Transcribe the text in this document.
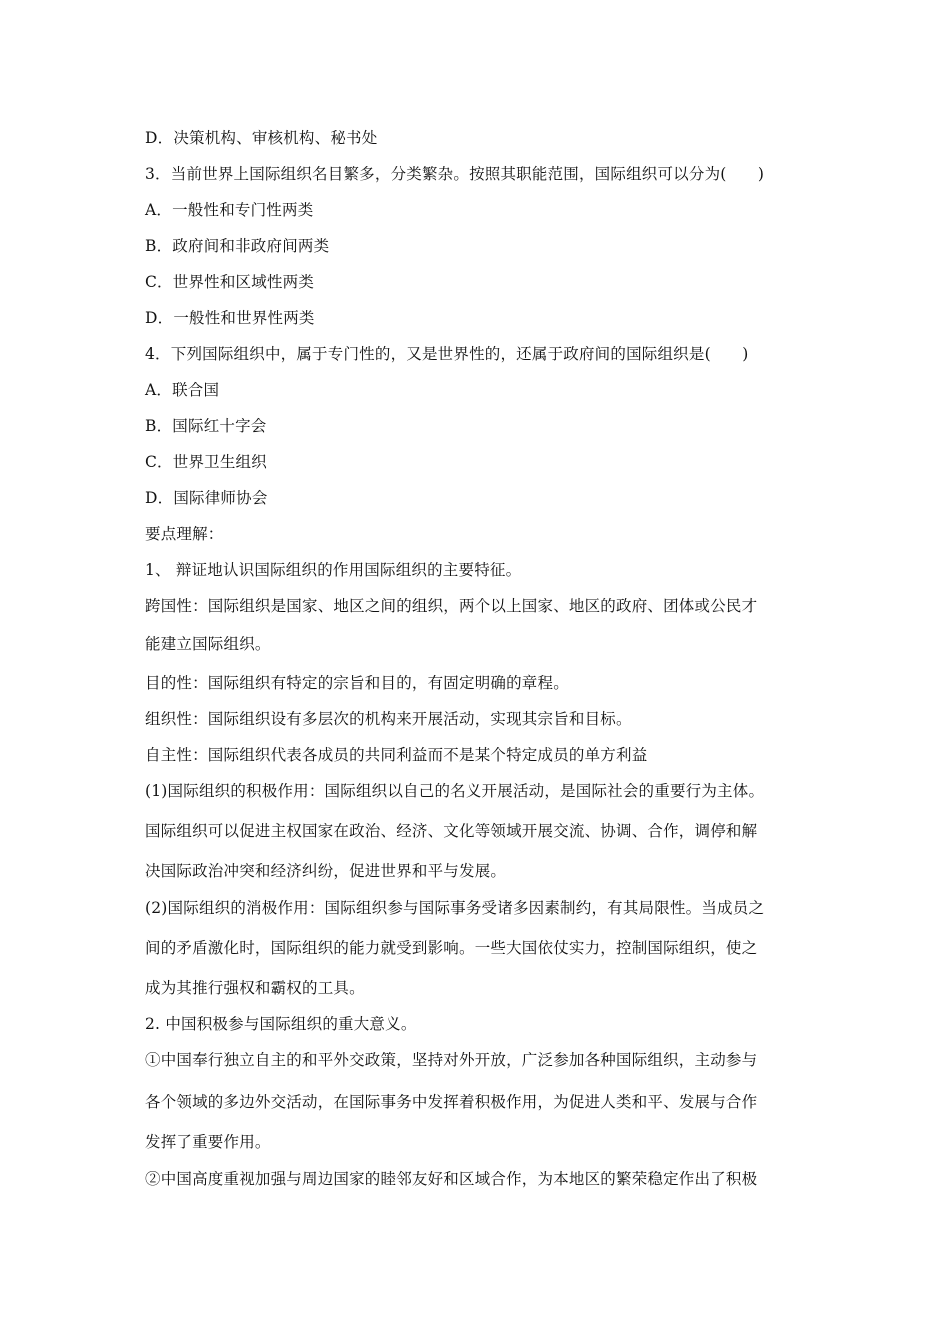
D．决策机构、审核机构、秘书处
3．当前世界上国际组织名目繁多，分类繁杂。按照其职能范围，国际组织可以分为(　　)
A．一般性和专门性两类
B．政府间和非政府间两类
C．世界性和区域性两类
D．一般性和世界性两类
4．下列国际组织中，属于专门性的，又是世界性的，还属于政府间的国际组织是(　　)
A．联合国
B．国际红十字会
C．世界卫生组织
D．国际律师协会
要点理解：
1、 辩证地认识国际组织的作用国际组织的主要特征。
跨国性：国际组织是国家、地区之间的组织，两个以上国家、地区的政府、团体或公民才
能建立国际组织。
目的性：国际组织有特定的宗旨和目的，有固定明确的章程。
组织性：国际组织设有多层次的机构来开展活动，实现其宗旨和目标。
自主性：国际组织代表各成员的共同利益而不是某个特定成员的单方利益
(1)国际组织的积极作用：国际组织以自己的名义开展活动，是国际社会的重要行为主体。
国际组织可以促进主权国家在政治、经济、文化等领域开展交流、协调、合作，调停和解
决国际政治冲突和经济纠纷，促进世界和平与发展。
(2)国际组织的消极作用：国际组织参与国际事务受诸多因素制约，有其局限性。当成员之
间的矛盾激化时，国际组织的能力就受到影响。一些大国依仗实力，控制国际组织，使之
成为其推行强权和霸权的工具。
2. 中国积极参与国际组织的重大意义。
①中国奉行独立自主的和平外交政策，坚持对外开放，广泛参加各种国际组织，主动参与
各个领域的多边外交活动，在国际事务中发挥着积极作用，为促进人类和平、发展与合作
发挥了重要作用。
②中国高度重视加强与周边国家的睦邻友好和区域合作，为本地区的繁荣稳定作出了积极
